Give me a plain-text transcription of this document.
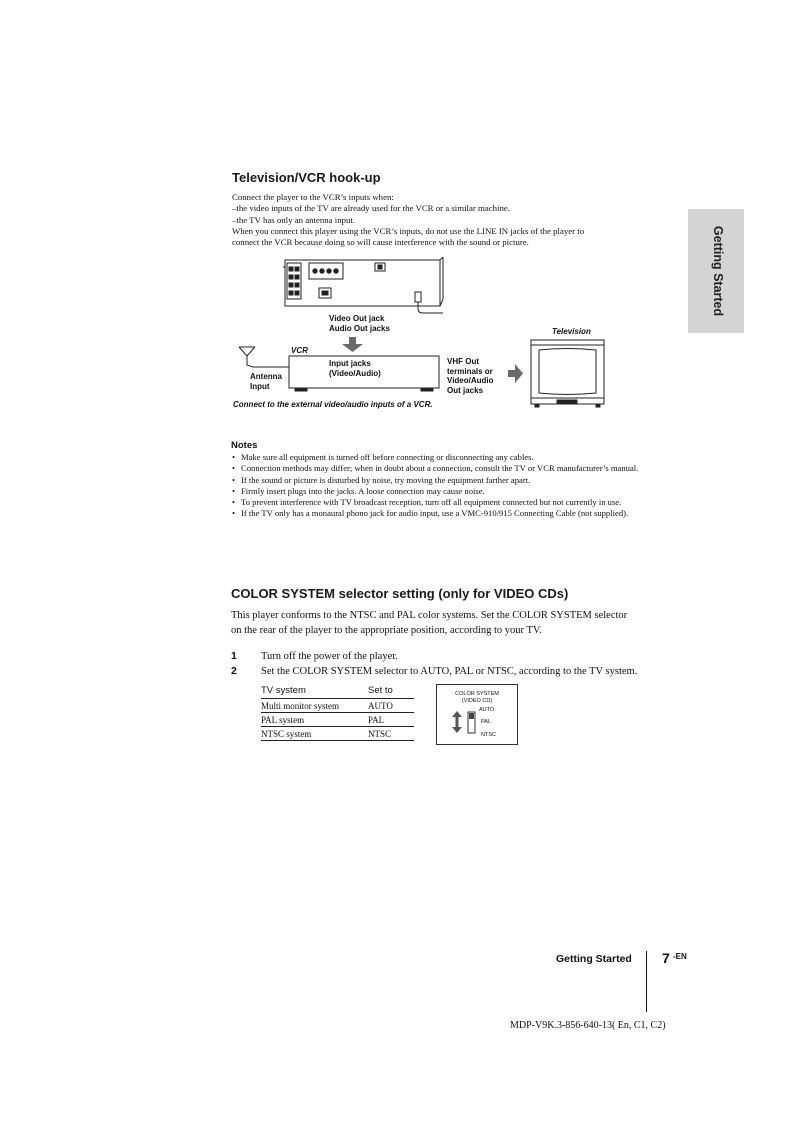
Getting Started
Television/VCR hook-up

Connect the player to the VCR’s inputs when:

–the video inputs of the TV are already used for the VCR or a similar machine.

–the TV has only an antenna input.

When you connect this player using the VCR’s inputs, do not use the LINE IN jacks of the player to

connect the VCR because doing so will cause interference with the sound or picture.

Video Out jack
Audio Out jacks
VCR
Input jacks
(Video/Audio)
Antenna
Input
VHF Out
terminals or
Video/Audio
Out jacks
Television
Connect to the external video/audio inputs of a VCR.
Notes
• Make sure all equipment is turned off before connecting or disconnecting any cables.
• Connection methods may differ; when in doubt about a connection, consult the TV or VCR manufacturer’s manual.
• If the sound or picture is disturbed by noise, try moving the equipment farther apart.
• Firmly insert plugs into the jacks. A loose connection may cause noise.
• To prevent interference with TV broadcast reception, turn off all equipment connected but not currently in use.
• If the TV only has a monaural phono jack for audio input, use a VMC-910/915 Connecting Cable (not supplied).
COLOR SYSTEM selector setting (only for VIDEO CDs)
This player conforms to the NTSC and PAL color systems. Set the COLOR SYSTEM selector
on the rear of the player to the appropriate position, according to your TV.
1 Turn off the power of the player.
2 Set the COLOR SYSTEM selector to AUTO, PAL or NTSC, according to the TV system.
TV system	Set to
Multi monitor system	AUTO
PAL system	PAL
NTSC system	NTSC
COLOR SYSTEM
(VIDEO CD)
AUTO
PAL
NTSC
Getting Started 7 -EN
MDP-V9K.3-856-640-13( En, C1, C2)
